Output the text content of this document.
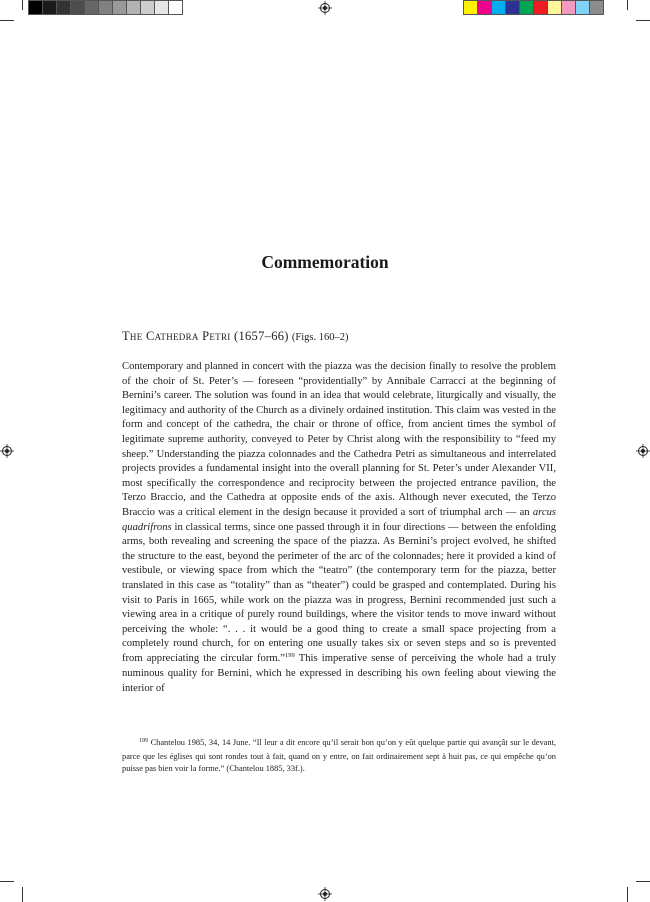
Commemoration
The Cathedra Petri (1657–66) (Figs. 160–2)
Contemporary and planned in concert with the piazza was the decision finally to resolve the problem of the choir of St. Peter’s — foreseen “providentially” by Annibale Carracci at the beginning of Bernini’s career. The solution was found in an idea that would celebrate, liturgically and visually, the legitimacy and authority of the Church as a divinely ordained institution. This claim was vested in the form and concept of the cathedra, the chair or throne of office, from ancient times the symbol of legitimate supreme authority, conveyed to Peter by Christ along with the responsibility to “feed my sheep.” Understanding the piazza colonnades and the Cathedra Petri as simultaneous and interrelated projects provides a fundamental insight into the overall planning for St. Peter’s under Alexander VII, most specifically the correspondence and reciprocity between the projected entrance pavilion, the Terzo Braccio, and the Cathedra at opposite ends of the axis. Although never executed, the Terzo Braccio was a critical element in the design because it provided a sort of triumphal arch — an arcus quadrifrons in classical terms, since one passed through it in four directions — between the enfolding arms, both revealing and screening the space of the piazza. As Bernini’s project evolved, he shifted the structure to the east, beyond the perimeter of the arc of the colonnades; here it provided a kind of vestibule, or viewing space from which the “teatro” (the contemporary term for the piazza, better translated in this case as “totality” than as “theater”) could be grasped and contemplated. During his visit to Paris in 1665, while work on the piazza was in progress, Bernini recommended just such a viewing area in a critique of purely round buildings, where the visitor tends to move inward without perceiving the whole: “. . . it would be a good thing to create a small space projecting from a completely round church, for on entering one usually takes six or seven steps and so is prevented from appreciating the circular form.”$^{199}$ This imperative sense of perceiving the whole had a truly numinous quality for Bernini, which he expressed in describing his own feeling about viewing the interior of
$^{199}$ Chantelou 1985, 34, 14 June. “Il leur a dit encore qu’il serait bon qu’on y eût quelque partie qui avançât sur le devant, parce que les églises qui sont rondes tout à fait, quand on y entre, on fait ordinairement sept à huit pas, ce qui empêche qu’on puisse pas bien voir la forme.” (Chantelou 1885, 33f.).
